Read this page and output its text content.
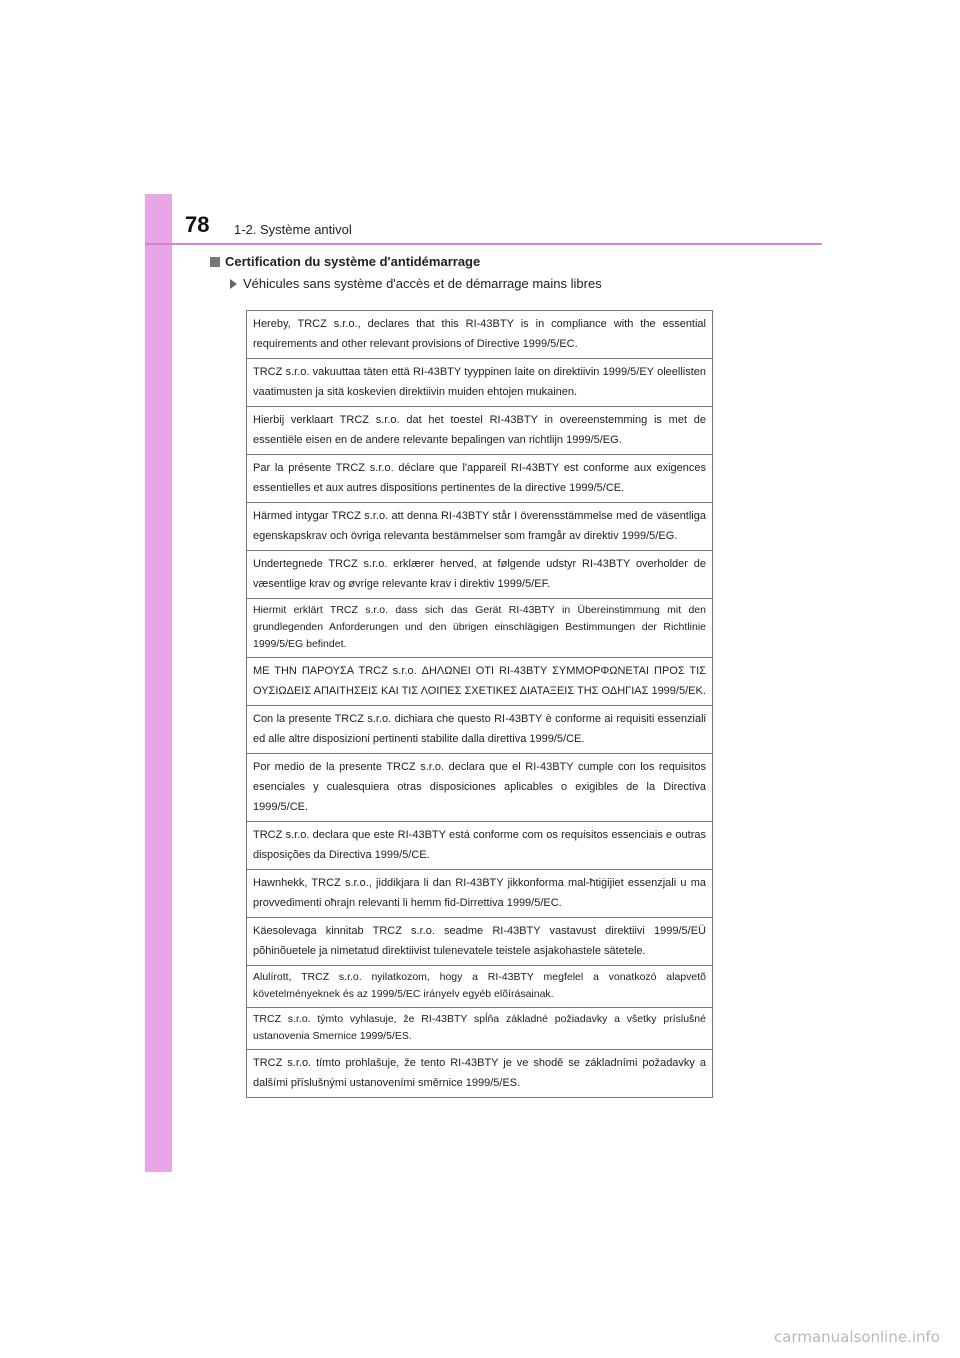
78 1-2. Système antivol
Certification du système d'antidémarrage
Véhicules sans système d'accès et de démarrage mains libres
Hereby, TRCZ s.r.o., declares that this RI-43BTY is in compliance with the essential requirements and other relevant provisions of Directive 1999/5/EC.
TRCZ s.r.o. vakuuttaa täten että RI-43BTY tyyppinen laite on direktiivin 1999/5/EY oleellisten vaatimusten ja sitä koskevien direktiivin muiden ehtojen mukainen.
Hierbij verklaart TRCZ s.r.o. dat het toestel RI-43BTY in overeenstemming is met de essentiële eisen en de andere relevante bepalingen van richtlijn 1999/5/EG.
Par la présente TRCZ s.r.o. déclare que l'appareil RI-43BTY est conforme aux exigences essentielles et aux autres dispositions pertinentes de la directive 1999/5/CE.
Härmed intygar TRCZ s.r.o. att denna RI-43BTY står I överensstämmelse med de väsentliga egenskapskrav och övriga relevanta bestämmelser som framgår av direktiv 1999/5/EG.
Undertegnede TRCZ s.r.o. erklærer herved, at følgende udstyr RI-43BTY overholder de væsentlige krav og øvrige relevante krav i direktiv 1999/5/EF.
Hiermit erklärt TRCZ s.r.o. dass sich das Gerät RI-43BTY in Übereinstimmung mit den grundlegenden Anforderungen und den übrigen einschlägigen Bestimmungen der Richtlinie 1999/5/EG befindet.
ΜΕ ΤΗΝ ΠΑΡΟΥΣΑ TRCZ s.r.o. ΔΗΛΩΝΕΙ ΟΤΙ RI-43BTY ΣΥΜΜΟΡΦΩΝΕΤΑΙ ΠΡΟΣ ΤΙΣ ΟΥΣΙΩΔΕΙΣ ΑΠΑΙΤΗΣΕΙΣ ΚΑΙ ΤΙΣ ΛΟΙΠΕΣ ΣΧΕΤΙΚΕΣ ΔΙΑΤΑΞΕΙΣ ΤΗΣ ΟΔΗΓΙΑΣ 1999/5/ΕΚ.
Con la presente TRCZ s.r.o. dichiara che questo RI-43BTY è conforme ai requisiti essenziali ed alle altre disposizioni pertinenti stabilite dalla direttiva 1999/5/CE.
Por medio de la presente TRCZ s.r.o. declara que el RI-43BTY cumple con los requisitos esenciales y cualesquiera otras disposiciones aplicables o exigibles de la Directiva 1999/5/CE.
TRCZ s.r.o. declara que este RI-43BTY está conforme com os requisitos essenciais e outras disposições da Directiva 1999/5/CE.
Hawnhekk, TRCZ s.r.o., jiddikjara li dan RI-43BTY jikkonforma mal-ħtiġijiet essenzjali u ma provvedimenti oħrajn relevanti li hemm fid-Dirrettiva 1999/5/EC.
Käesolevaga kinnitab TRCZ s.r.o. seadme RI-43BTY vastavust direktiivi 1999/5/EÜ põhinõuetele ja nimetatud direktiivist tulenevatele teistele asjakohastele sätetele.
Alulírott, TRCZ s.r.o. nyilatkozom, hogy a RI-43BTY megfelel a vonatkozó alapvetõ követelményeknek és az 1999/5/EC irányelv egyéb elõírásainak.
TRCZ s.r.o. týmto vyhlasuje, že RI-43BTY spĺňa základné požiadavky a všetky príslušné ustanovenia Smernice 1999/5/ES.
TRCZ s.r.o. tímto prohlašuje, že tento RI-43BTY je ve shodě se základními požadavky a dalšími příslušnými ustanoveními směrnice 1999/5/ES.
carmanualsonline.info
